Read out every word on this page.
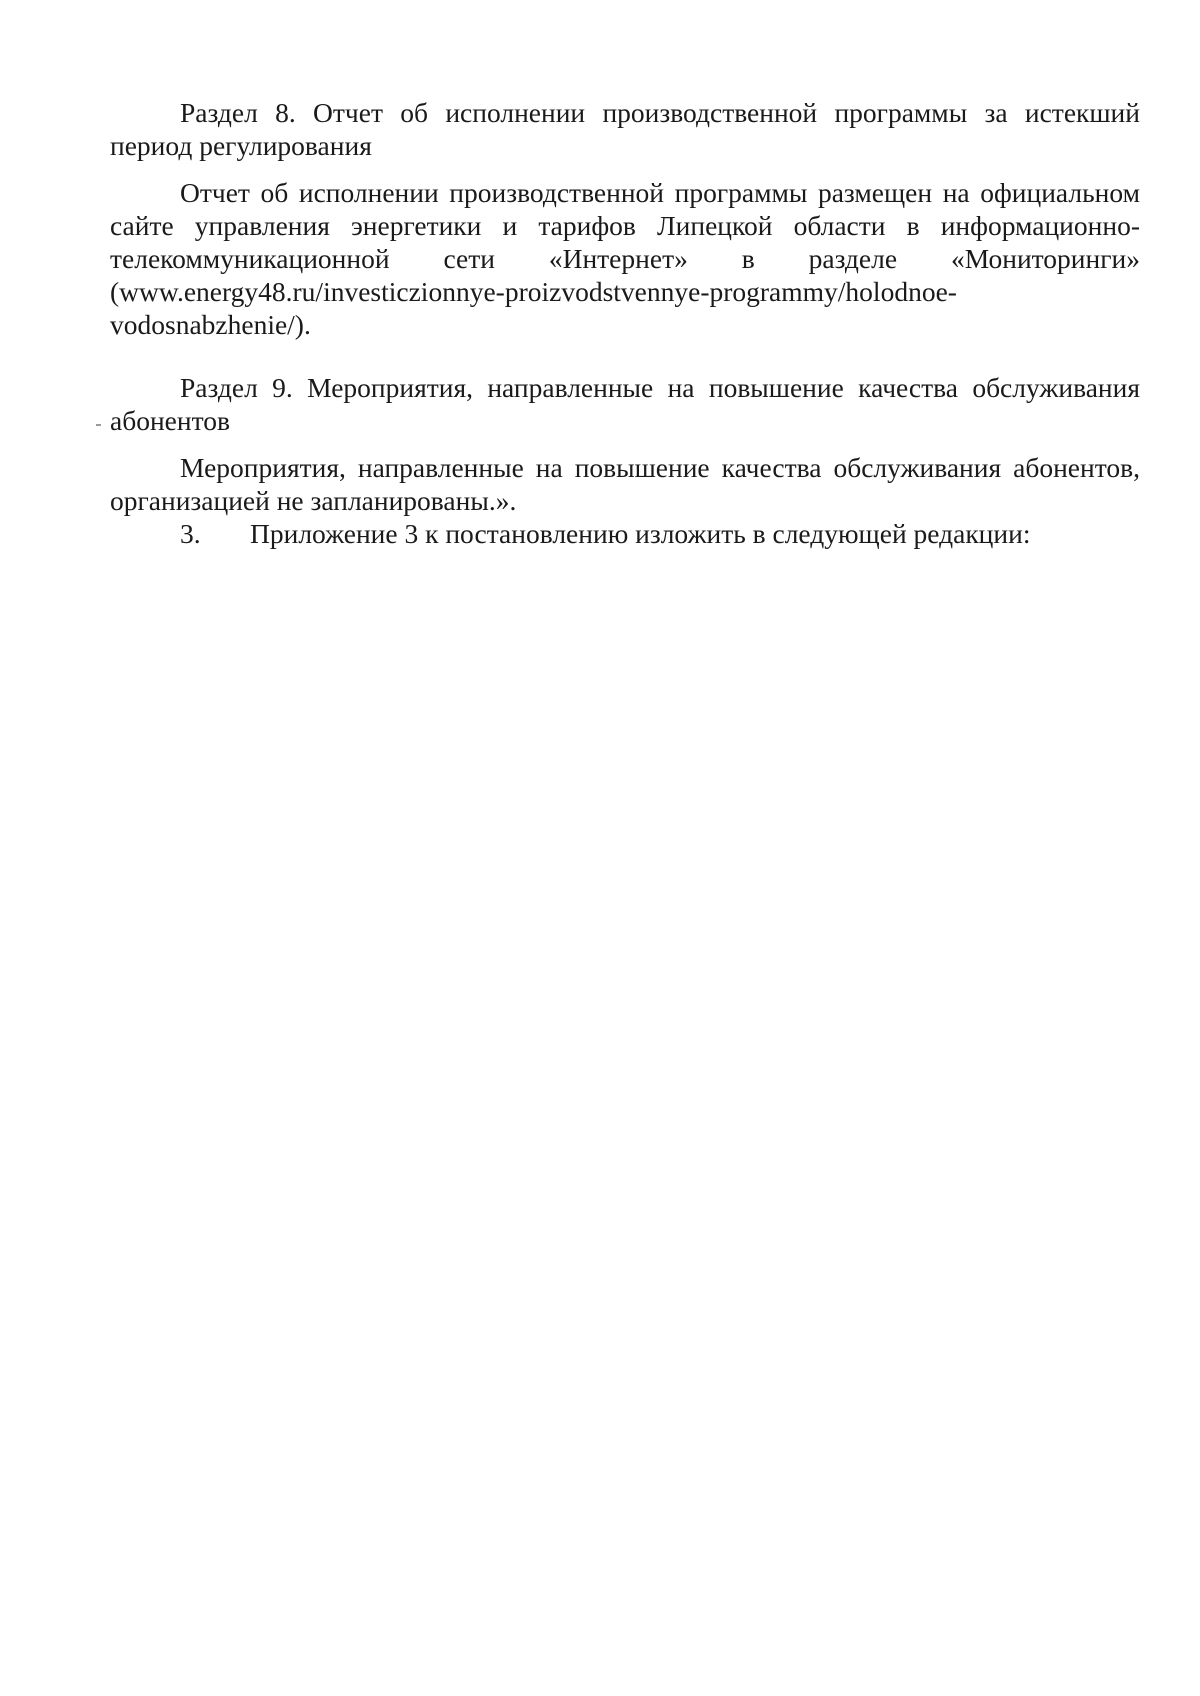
Раздел 8. Отчет об исполнении производственной программы за истекший период регулирования

Отчет об исполнении производственной программы размещен на официальном сайте управления энергетики и тарифов Липецкой области в информационно-телекоммуникационной сети «Интернет» в разделе «Мониторинги» (www.energy48.ru/investiczionnye-proizvodstvennye-programmy/holodnoe-vodosnabzhenie/).

Раздел 9. Мероприятия, направленные на повышение качества обслуживания абонентов

Мероприятия, направленные на повышение качества обслуживания абонентов, организацией не запланированы.».

3. Приложение 3 к постановлению изложить в следующей редакции:
